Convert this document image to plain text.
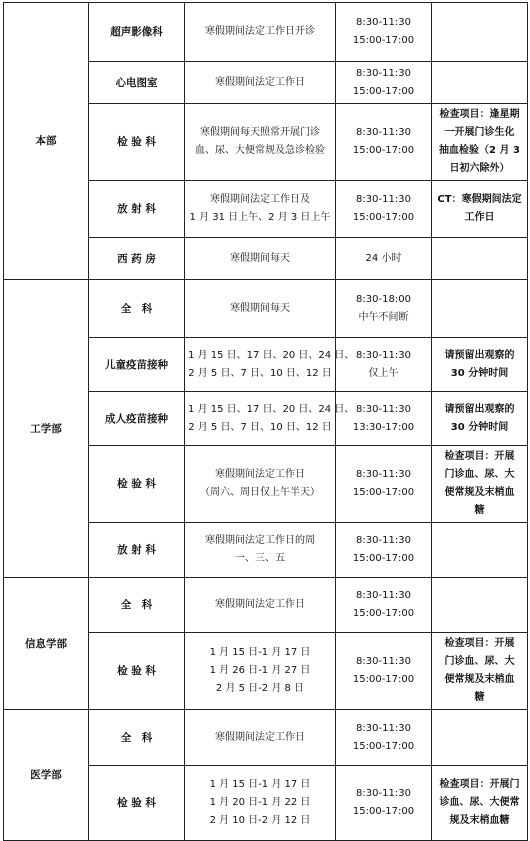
本部	超声影像科	寒假期间法定工作日开诊	8:30-11:30
15:00-17:00	

	心电图室	寒假期间法定工作日	8:30-11:30
15:00-17:00	

	检 验 科	寒假期间每天照常开展门诊
血、尿、大便常规及急诊检验	8:30-11:30
15:00-17:00	检查项目：逢星期
一开展门诊生化
抽血检验（2 月 3
日初六除外）

	放 射 科	寒假期间法定工作日及
1 月 31 日上午、2 月 3 日上午	8:30-11:30
15:00-17:00	CT：寒假期间法定
工作日

	西 药 房	寒假期间每天	24 小时	

工学部	全　科	寒假期间每天	8:30-18:00
中午不间断	

	儿童疫苗接种	1 月 15 日、17 日、20 日、24 日、
2 月 5 日、7 日、10 日、12 日	8:30-11:30
仅上午	请预留出观察的
30 分钟时间

	成人疫苗接种	1 月 15 日、17 日、20 日、24 日、
2 月 5 日、7 日、10 日、12 日	8:30-11:30
13:30-17:00	请预留出观察的
30 分钟时间

	检 验 科	寒假期间法定工作日
（周六、周日仅上午半天）	8:30-11:30
15:00-17:00	检查项目：开展
门诊血、尿、大
便常规及末梢血
糖

	放 射 科	寒假期间法定工作日的周
一、三、五	8:30-11:30
15:00-17:00	

信息学部	全　科	寒假期间法定工作日	8:30-11:30
15:00-17:00	

	检 验 科	1 月 15 日-1 月 17 日
1 月 26 日-1 月 27 日
2 月 5 日-2 月 8 日	8:30-11:30
15:00-17:00	检查项目：开展
门诊血、尿、大
便常规及末梢血
糖

医学部	全　科	寒假期间法定工作日	8:30-11:30
15:00-17:00	

	检 验 科	1 月 15 日-1 月 17 日
1 月 20 日-1 月 22 日
2 月 10 日-2 月 12 日	8:30-11:30
15:00-17:00	检查项目：开展门
诊血、尿、大便常
规及末梢血糖
